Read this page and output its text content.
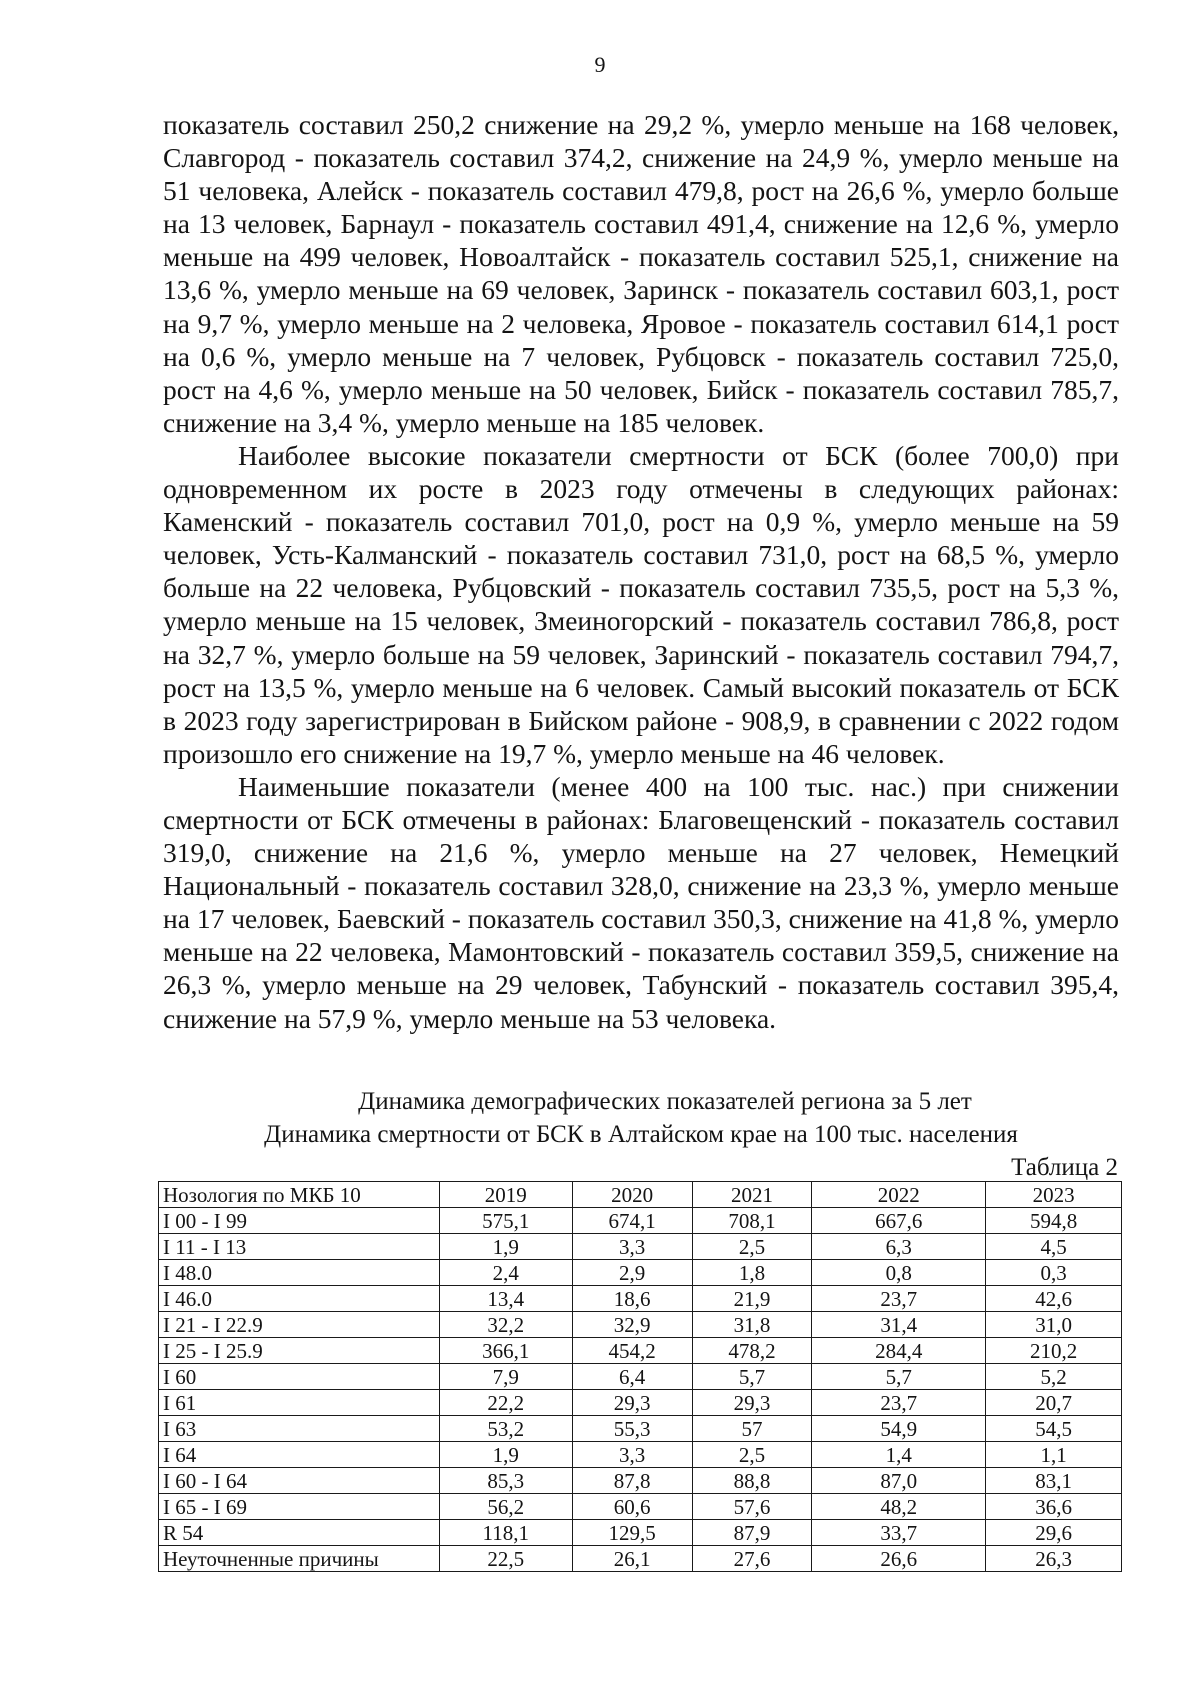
9

показатель составил 250,2 снижение на 29,2 %, умерло меньше на 168 человек, Славгород - показатель составил 374,2, снижение на 24,9 %, умерло меньше на 51 человека, Алейск - показатель составил 479,8, рост на 26,6 %, умерло больше на 13 человек, Барнаул - показатель составил 491,4, снижение на 12,6 %, умерло меньше на 499 человек, Новоалтайск - показатель составил 525,1, снижение на 13,6 %, умерло меньше на 69 человек, Заринск - показатель составил 603,1, рост на 9,7 %, умерло меньше на 2 человека, Яровое - показатель составил 614,1 рост на 0,6 %, умерло меньше на 7 человек, Рубцовск - показатель составил 725,0, рост на 4,6 %, умерло меньше на 50 человек, Бийск - показатель составил 785,7, снижение на 3,4 %, умерло меньше на 185 человек.

Наиболее высокие показатели смертности от БСК (более 700,0) при одновременном их росте в 2023 году отмечены в следующих районах: Каменский - показатель составил 701,0, рост на 0,9 %, умерло меньше на 59 человек, Усть-Калманский - показатель составил 731,0, рост на 68,5 %, умерло больше на 22 человека, Рубцовский - показатель составил 735,5, рост на 5,3 %, умерло меньше на 15 человек, Змеиногорский - показатель составил 786,8, рост на 32,7 %, умерло больше на 59 человек, Заринский - показатель составил 794,7, рост на 13,5 %, умерло меньше на 6 человек. Самый высокий показатель от БСК в 2023 году зарегистрирован в Бийском районе - 908,9, в сравнении с 2022 годом произошло его снижение на 19,7 %, умерло меньше на 46 человек.

Наименьшие показатели (менее 400 на 100 тыс. нас.) при снижении смертности от БСК отмечены в районах: Благовещенский - показатель составил 319,0, снижение на 21,6 %, умерло меньше на 27 человек, Немецкий Национальный - показатель составил 328,0, снижение на 23,3 %, умерло меньше на 17 человек, Баевский - показатель составил 350,3, снижение на 41,8 %, умерло меньше на 22 человека, Мамонтовский - показатель составил 359,5, снижение на 26,3 %, умерло меньше на 29 человек, Табунский - показатель составил 395,4, снижение на 57,9 %, умерло меньше на 53 человека.

Динамика демографических показателей региона за 5 лет
Динамика смертности от БСК в Алтайском крае на 100 тыс. населения
Таблица 2
Нозология по МКБ 10	2019	2020	2021	2022	2023
I 00 - I 99	575,1	674,1	708,1	667,6	594,8
I 11 - I 13	1,9	3,3	2,5	6,3	4,5
I 48.0	2,4	2,9	1,8	0,8	0,3
I 46.0	13,4	18,6	21,9	23,7	42,6
I 21 - I 22.9	32,2	32,9	31,8	31,4	31,0
I 25 - I 25.9	366,1	454,2	478,2	284,4	210,2
I 60	7,9	6,4	5,7	5,7	5,2
I 61	22,2	29,3	29,3	23,7	20,7
I 63	53,2	55,3	57	54,9	54,5
I 64	1,9	3,3	2,5	1,4	1,1
I 60 - I 64	85,3	87,8	88,8	87,0	83,1
I 65 - I 69	56,2	60,6	57,6	48,2	36,6
R 54	118,1	129,5	87,9	33,7	29,6
Неуточненные причины	22,5	26,1	27,6	26,6	26,3
